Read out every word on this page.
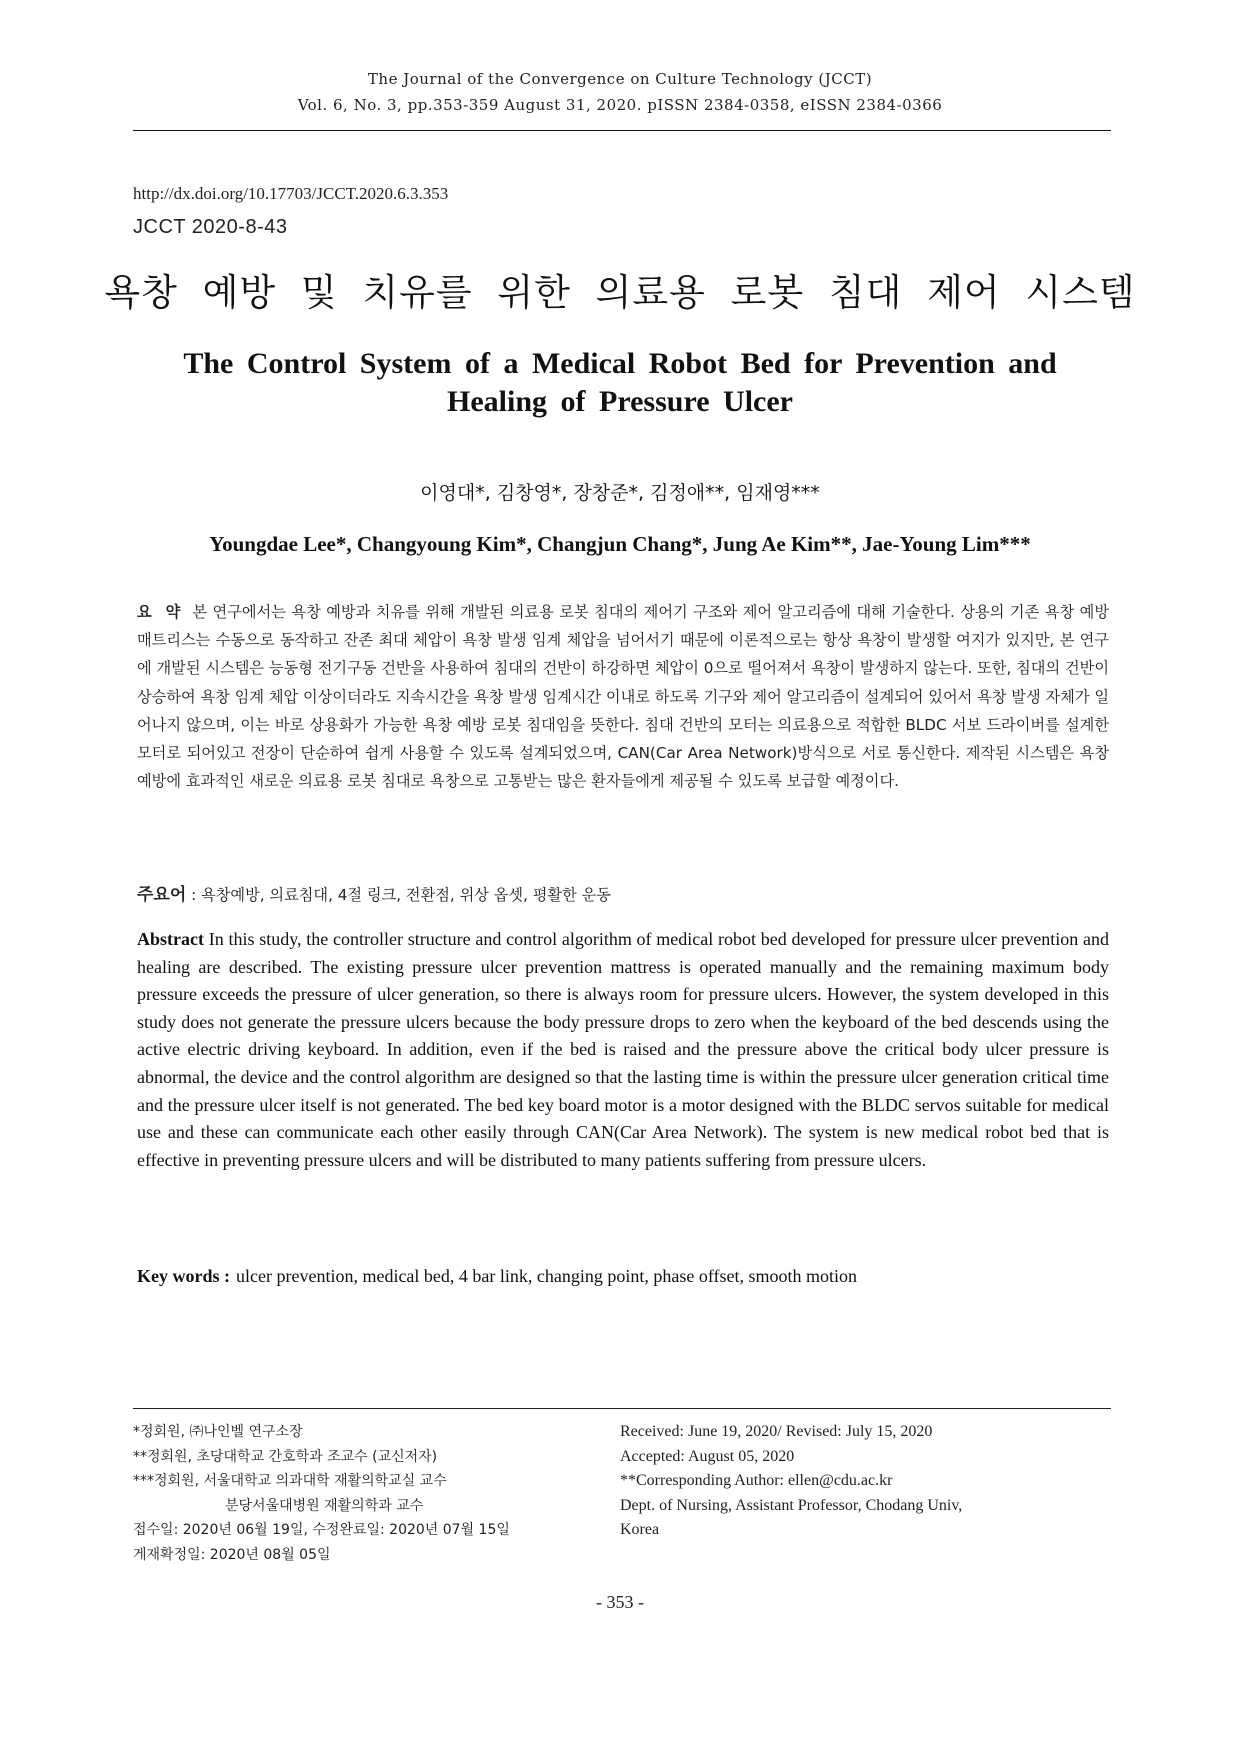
The Journal of the Convergence on Culture Technology (JCCT)
Vol. 6, No. 3, pp.353-359 August 31, 2020. pISSN 2384-0358, eISSN 2384-0366
http://dx.doi.org/10.17703/JCCT.2020.6.3.353
JCCT 2020-8-43
욕창 예방 및 치유를 위한 의료용 로봇 침대 제어 시스템
The Control System of a Medical Robot Bed for Prevention and Healing of Pressure Ulcer
이영대*, 김창영*, 장창준*, 김정애**, 임재영***
Youngdae Lee*, Changyoung Kim*, Changjun Chang*, Jung Ae Kim**, Jae-Young Lim***

요 약 본 연구에서는 욕창 예방과 치유를 위해 개발된 의료용 로봇 침대의 제어기 구조와 제어 알고리즘에 대해 기술한다. 상용의 기존 욕창 예방 매트리스는 수동으로 동작하고 잔존 최대 체압이 욕창 발생 임계 체압을 넘어서기 때문에 이론적으로는 항상 욕창이 발생할 여지가 있지만, 본 연구에 개발된 시스템은 능동형 전기구동 건반을 사용하여 침대의 건반이 하강하면 체압이 0으로 떨어져서 욕창이 발생하지 않는다. 또한, 침대의 건반이 상승하여 욕창 임계 체압 이상이더라도 지속시간을 욕창 발생 임계시간 이내로 하도록 기구와 제어 알고리즘이 설계되어 있어서 욕창 발생 자체가 일어나지 않으며, 이는 바로 상용화가 가능한 욕창 예방 로봇 침대임을 뜻한다. 침대 건반의 모터는 의료용으로 적합한 BLDC 서보 드라이버를 설계한 모터로 되어있고 전장이 단순하여 쉽게 사용할 수 있도록 설계되었으며, CAN(Car Area Network)방식으로 서로 통신한다. 제작된 시스템은 욕창 예방에 효과적인 새로운 의료용 로봇 침대로 욕창으로 고통받는 많은 환자들에게 제공될 수 있도록 보급할 예정이다.

주요어 : 욕창예방, 의료침대, 4절 링크, 전환점, 위상 옵셋, 평활한 운동

Abstract In this study, the controller structure and control algorithm of medical robot bed developed for pressure ulcer prevention and healing are described. The existing pressure ulcer prevention mattress is operated manually and the remaining maximum body pressure exceeds the pressure of ulcer generation, so there is always room for pressure ulcers. However, the system developed in this study does not generate the pressure ulcers because the body pressure drops to zero when the keyboard of the bed descends using the active electric driving keyboard. In addition, even if the bed is raised and the pressure above the critical body ulcer pressure is abnormal, the device and the control algorithm are designed so that the lasting time is within the pressure ulcer generation critical time and the pressure ulcer itself is not generated. The bed key board motor is a motor designed with the BLDC servos suitable for medical use and these can communicate each other easily through CAN(Car Area Network). The system is new medical robot bed that is effective in preventing pressure ulcers and will be distributed to many patients suffering from pressure ulcers.

Key words : ulcer prevention, medical bed, 4 bar link, changing point, phase offset, smooth motion
*정회원, ㈜나인벨 연구소장
**정회원, 초당대학교 간호학과 조교수 (교신저자)
***정회원, 서울대학교 의과대학 재활의학교실 교수
분당서울대병원 재활의학과 교수
접수일: 2020년 06월 19일, 수정완료일: 2020년 07월 15일
게재확정일: 2020년 08월 05일
Received: June 19, 2020/ Revised: July 15, 2020
Accepted: August 05, 2020
**Corresponding Author: ellen@cdu.ac.kr
Dept. of Nursing, Assistant Professor, Chodang Univ,
Korea
- 353 -
